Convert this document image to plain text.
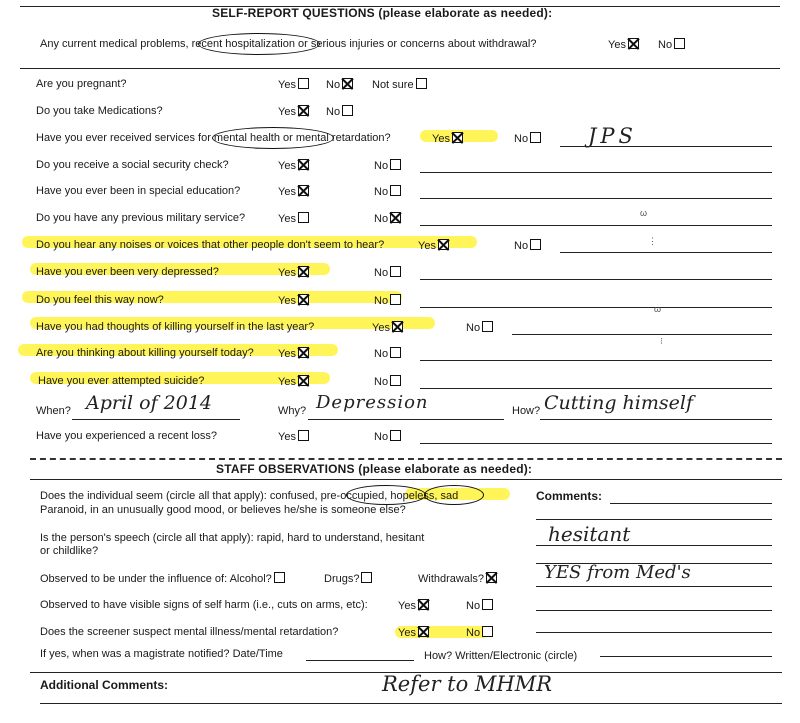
SELF-REPORT QUESTIONS (please elaborate as needed):
Any current medical problems, recent hospitalization or serious injuries or concerns about withdrawal?	Yes	No
Are you pregnant?	Yes	No	Not sure
Do you take Medications?	Yes	No
Have you ever received services for mental health or mental retardation?	Yes	No	JPS
Do you receive a social security check?	Yes	No
Have you ever been in special education?	Yes	No
Do you have any previous military service?	Yes	No
Do you hear any noises or voices that other people don't seem to hear?	Yes	No
Have you ever been very depressed?	Yes	No
Do you feel this way now?	Yes	No
Have you had thoughts of killing yourself in the last year?	Yes	No
Are you thinking about killing yourself today? Yes	No
Have you ever attempted suicide?	Yes	No
When? April of 2014	Why? Depression	How? Cutting himself
Have you experienced a recent loss?	Yes	No
STAFF OBSERVATIONS (please elaborate as needed):
Does the individual seem (circle all that apply): confused, pre-occupied, hopeless, sad
Paranoid, in an unusually good mood, or believes he/she is someone else?
Comments:
Is the person's speech (circle all that apply): rapid, hard to understand, hesitant
or childlike?
hesitant
Observed to be under the influence of: Alcohol?	Drugs?	Withdrawals?	YES from Med's
Observed to have visible signs of self harm (i.e., cuts on arms, etc):	Yes	No
Does the screener suspect mental illness/mental retardation?	Yes	No
If yes, when was a magistrate notified? Date/Time	How? Written/Electronic (circle)
Additional Comments:	Refer to MHMR
ω
⋮
ω
⁝
